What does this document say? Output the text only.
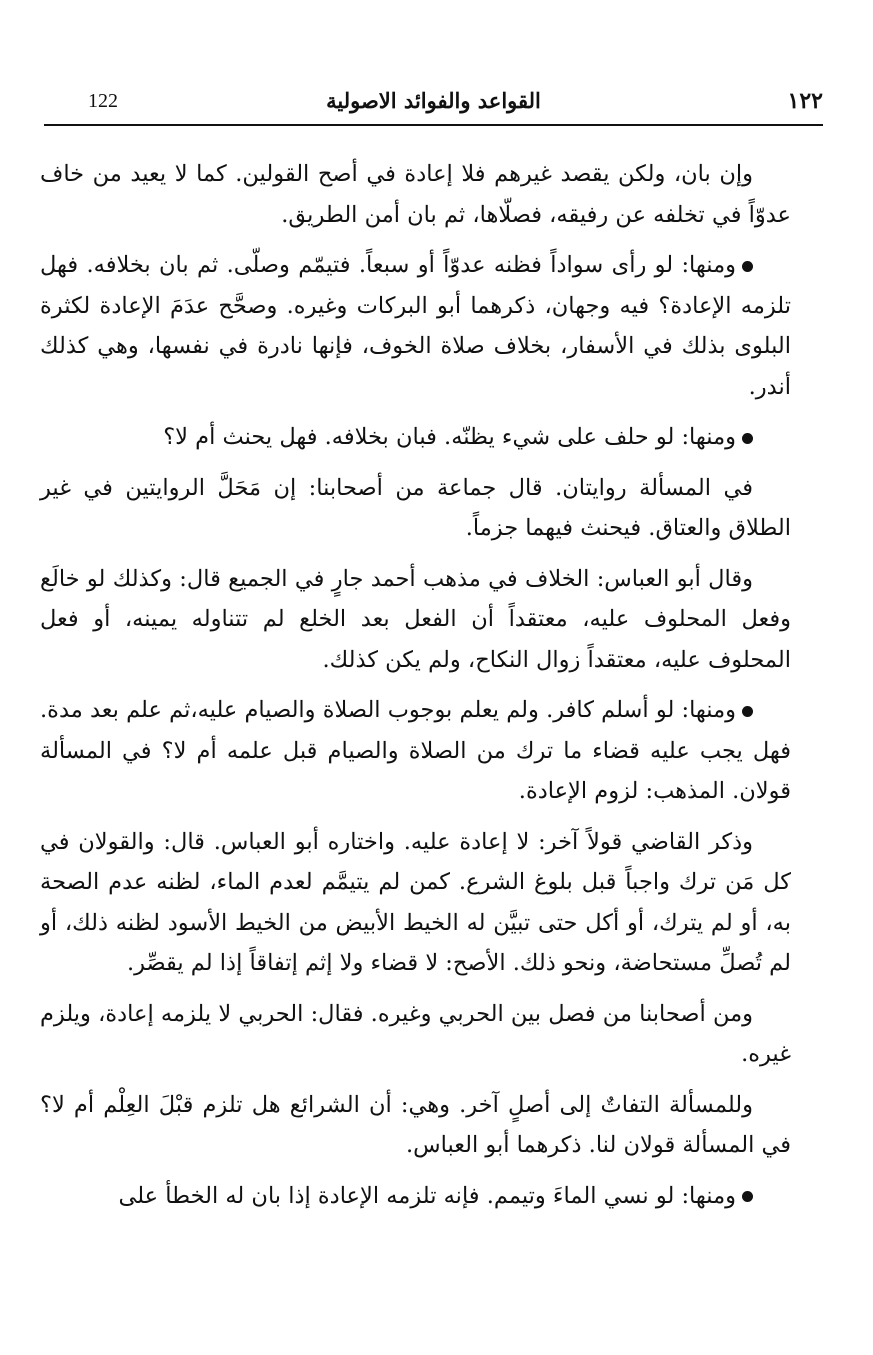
١٢٢
القواعد والفوائد الاصولية
122

وإن بان، ولكن يقصد غيرهم فلا إعادة في أصح القولين. كما لا يعيد من خاف عدوّاً في تخلفه عن رفيقه، فصلّاها، ثم بان أمن الطريق.

ومنها: لو رأى سواداً فظنه عدوّاً أو سبعاً. فتيمّم وصلّى. ثم بان بخلافه. فهل تلزمه الإعادة؟ فيه وجهان، ذكرهما أبو البركات وغيره. وصحَّح عدَمَ الإعادة لكثرة البلوى بذلك في الأسفار، بخلاف صلاة الخوف، فإنها نادرة في نفسها، وهي كذلك أندر.

ومنها: لو حلف على شيء يظنّه. فبان بخلافه. فهل يحنث أم لا؟

في المسألة روايتان. قال جماعة من أصحابنا: إن مَحَلَّ الروايتين في غير الطلاق والعتاق. فيحنث فيهما جزماً.

وقال أبو العباس: الخلاف في مذهب أحمد جارٍ في الجميع قال: وكذلك لو خالَع وفعل المحلوف عليه، معتقداً أن الفعل بعد الخلع لم تتناوله يمينه، أو فعل المحلوف عليه، معتقداً زوال النكاح، ولم يكن كذلك.

ومنها: لو أسلم كافر. ولم يعلم بوجوب الصلاة والصيام عليه،ثم علم بعد مدة. فهل يجب عليه قضاء ما ترك من الصلاة والصيام قبل علمه أم لا؟ في المسألة قولان. المذهب: لزوم الإعادة.

وذكر القاضي قولاً آخر: لا إعادة عليه. واختاره أبو العباس. قال: والقولان في كل مَن ترك واجباً قبل بلوغ الشرع. كمن لم يتيمَّم لعدم الماء، لظنه عدم الصحة به، أو لم يترك، أو أكل حتى تبيَّن له الخيط الأبيض من الخيط الأسود لظنه ذلك، أو لم تُصلِّ مستحاضة، ونحو ذلك. الأصح: لا قضاء ولا إثم إتفاقاً إذا لم يقصِّر.

ومن أصحابنا من فصل بين الحربي وغيره. فقال: الحربي لا يلزمه إعادة، ويلزم غيره.

وللمسألة التفاتٌ إلى أصلٍ آخر. وهي: أن الشرائع هل تلزم قبْلَ العِلْم أم لا؟ في المسألة قولان لنا. ذكرهما أبو العباس.

ومنها: لو نسي الماءَ وتيمم. فإنه تلزمه الإعادة إذا بان له الخطأ على
